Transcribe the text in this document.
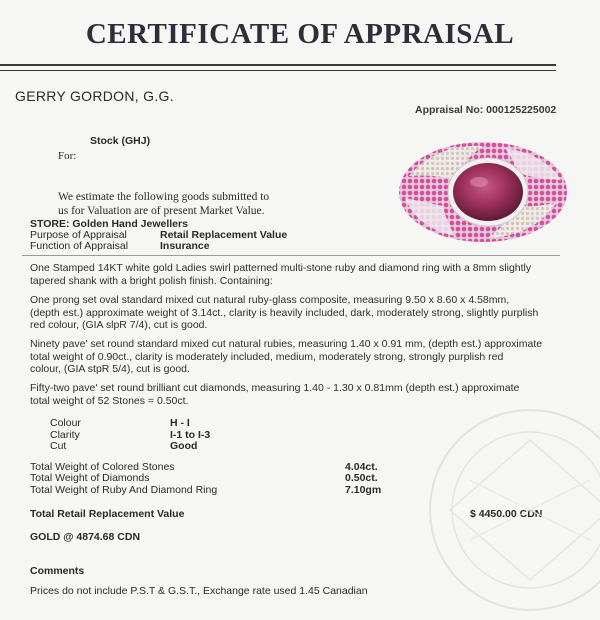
CERTIFICATE OF APPRAISAL
GERRY GORDON, G.G.
Appraisal No: 000125225002
Stock (GHJ)
For:
We estimate the following goods submitted to
us for Valuation are of present Market Value.
STORE: Golden Hand Jewellers
Purpose of Appraisal	Retail Replacement Value
Function of Appraisal	Insurance
One Stamped 14KT white gold Ladies swirl patterned multi-stone ruby and diamond ring with a 8mm slightly
tapered shank with a bright polish finish. Containing:
One prong set oval standard mixed cut natural ruby-glass composite, measuring 9.50 x 8.60 x 4.58mm,
(depth est.) approximate weight of 3.14ct., clarity is heavily included, dark, moderately strong, slightly purplish
red colour, (GIA slpR 7/4), cut is good.
Ninety pave' set round standard mixed cut natural rubies, measuring 1.40 x 0.91 mm, (depth est.) approximate
total weight of 0.90ct., clarity is moderately included, medium, moderately strong, strongly purplish red
colour, (GIA stpR 5/4), cut is good.
Fifty-two pave' set round brilliant cut diamonds, measuring 1.40 - 1.30 x 0.81mm (depth est.) approximate
total weight of 52 Stones = 0.50ct.
Colour	H - I
Clarity	I-1 to I-3
Cut	Good
Total Weight of Colored Stones	4.04ct.
Total Weight of Diamonds	0.50ct.
Total Weight of Ruby And Diamond Ring	7.10gm
Total Retail Replacement Value	$ 4450.00 CDN
GOLD @ 4874.68 CDN
Comments
Prices do not include P.S.T & G.S.T., Exchange rate used 1.45 Canadian
